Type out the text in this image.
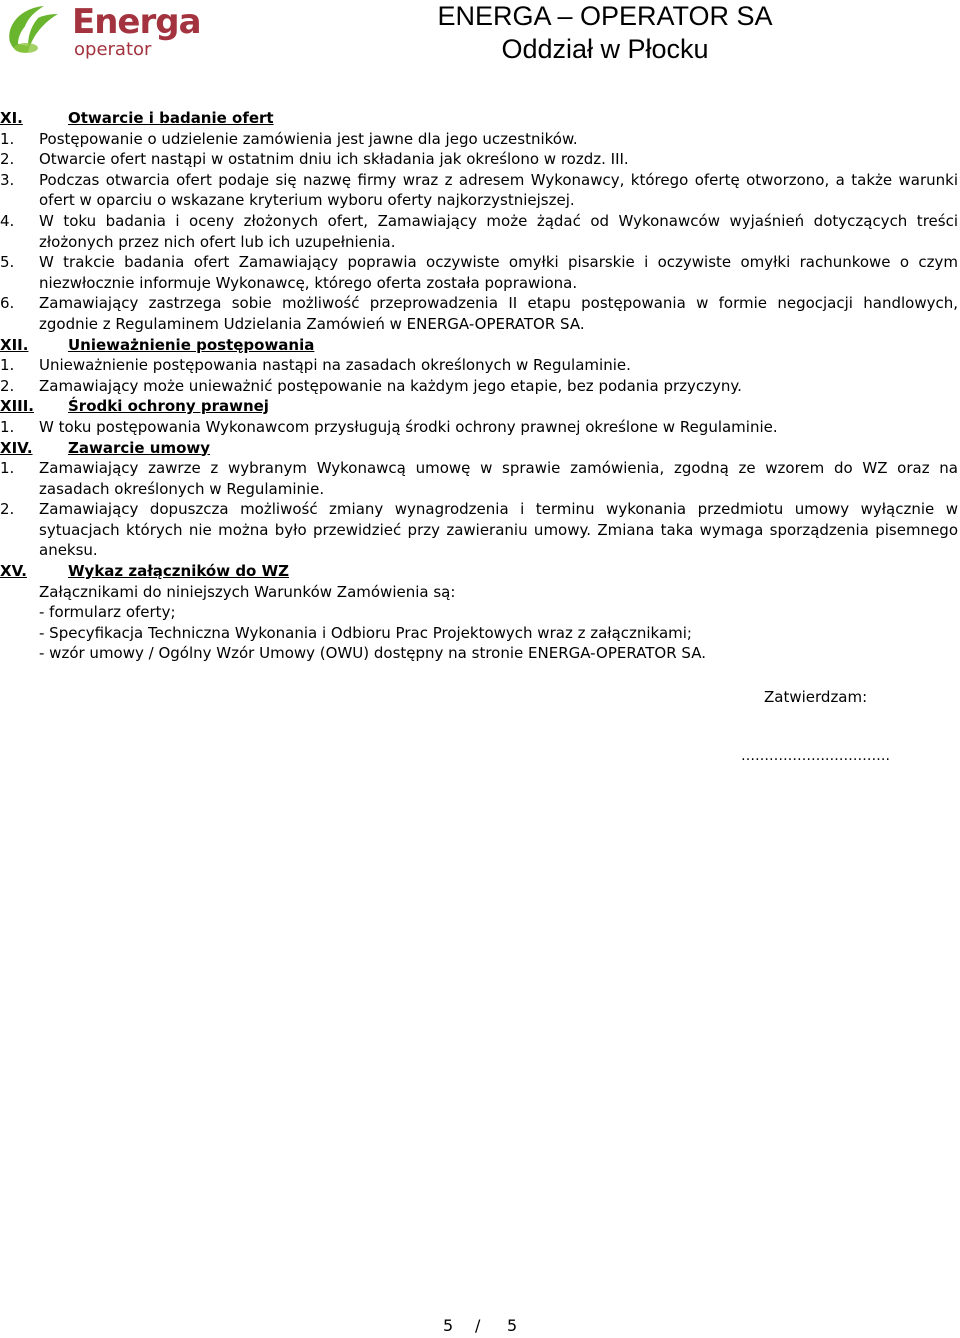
Energa
operator
ENERGA – OPERATOR SA
Oddział w Płocku
XI.	Otwarcie i badanie ofert
1.	Postępowanie o udzielenie zamówienia jest jawne dla jego uczestników.
2.	Otwarcie ofert nastąpi w ostatnim dniu ich składania jak określono w rozdz. III.
3.	Podczas otwarcia ofert podaje się nazwę firmy wraz z adresem Wykonawcy, którego ofertę otworzono, a także warunki ofert w oparciu o wskazane kryterium wyboru oferty najkorzystniejszej.
4.	W toku badania i oceny złożonych ofert, Zamawiający może żądać od Wykonawców wyjaśnień dotyczących treści złożonych przez nich ofert lub ich uzupełnienia.
5.	W trakcie badania ofert Zamawiający poprawia oczywiste omyłki pisarskie i oczywiste omyłki rachunkowe o czym niezwłocznie informuje Wykonawcę, którego oferta została poprawiona.
6.	Zamawiający zastrzega sobie możliwość przeprowadzenia II etapu postępowania w formie negocjacji handlowych, zgodnie z Regulaminem Udzielania Zamówień w ENERGA-OPERATOR SA.
XII.	Unieważnienie postępowania
1.	Unieważnienie postępowania nastąpi na zasadach określonych w Regulaminie.
2.	Zamawiający może unieważnić postępowanie na każdym jego etapie, bez podania przyczyny.
XIII.	Środki ochrony prawnej
1.	W toku postępowania Wykonawcom przysługują środki ochrony prawnej określone w Regulaminie.
XIV.	Zawarcie umowy
1.	Zamawiający zawrze z wybranym Wykonawcą umowę w sprawie zamówienia, zgodną ze wzorem do WZ oraz na zasadach określonych w Regulaminie.
2.	Zamawiający dopuszcza możliwość zmiany wynagrodzenia i terminu wykonania przedmiotu umowy wyłącznie w sytuacjach których nie można było przewidzieć przy zawieraniu umowy. Zmiana taka wymaga sporządzenia pisemnego aneksu.
XV.	Wykaz załączników do WZ
Załącznikami do niniejszych Warunków Zamówienia są:
- formularz oferty;
- Specyfikacja Techniczna Wykonania i Odbioru Prac Projektowych wraz z załącznikami;
- wzór umowy / Ogólny Wzór Umowy (OWU) dostępny na stronie ENERGA-OPERATOR SA.
Zatwierdzam:
……………….………….
5 / 5
